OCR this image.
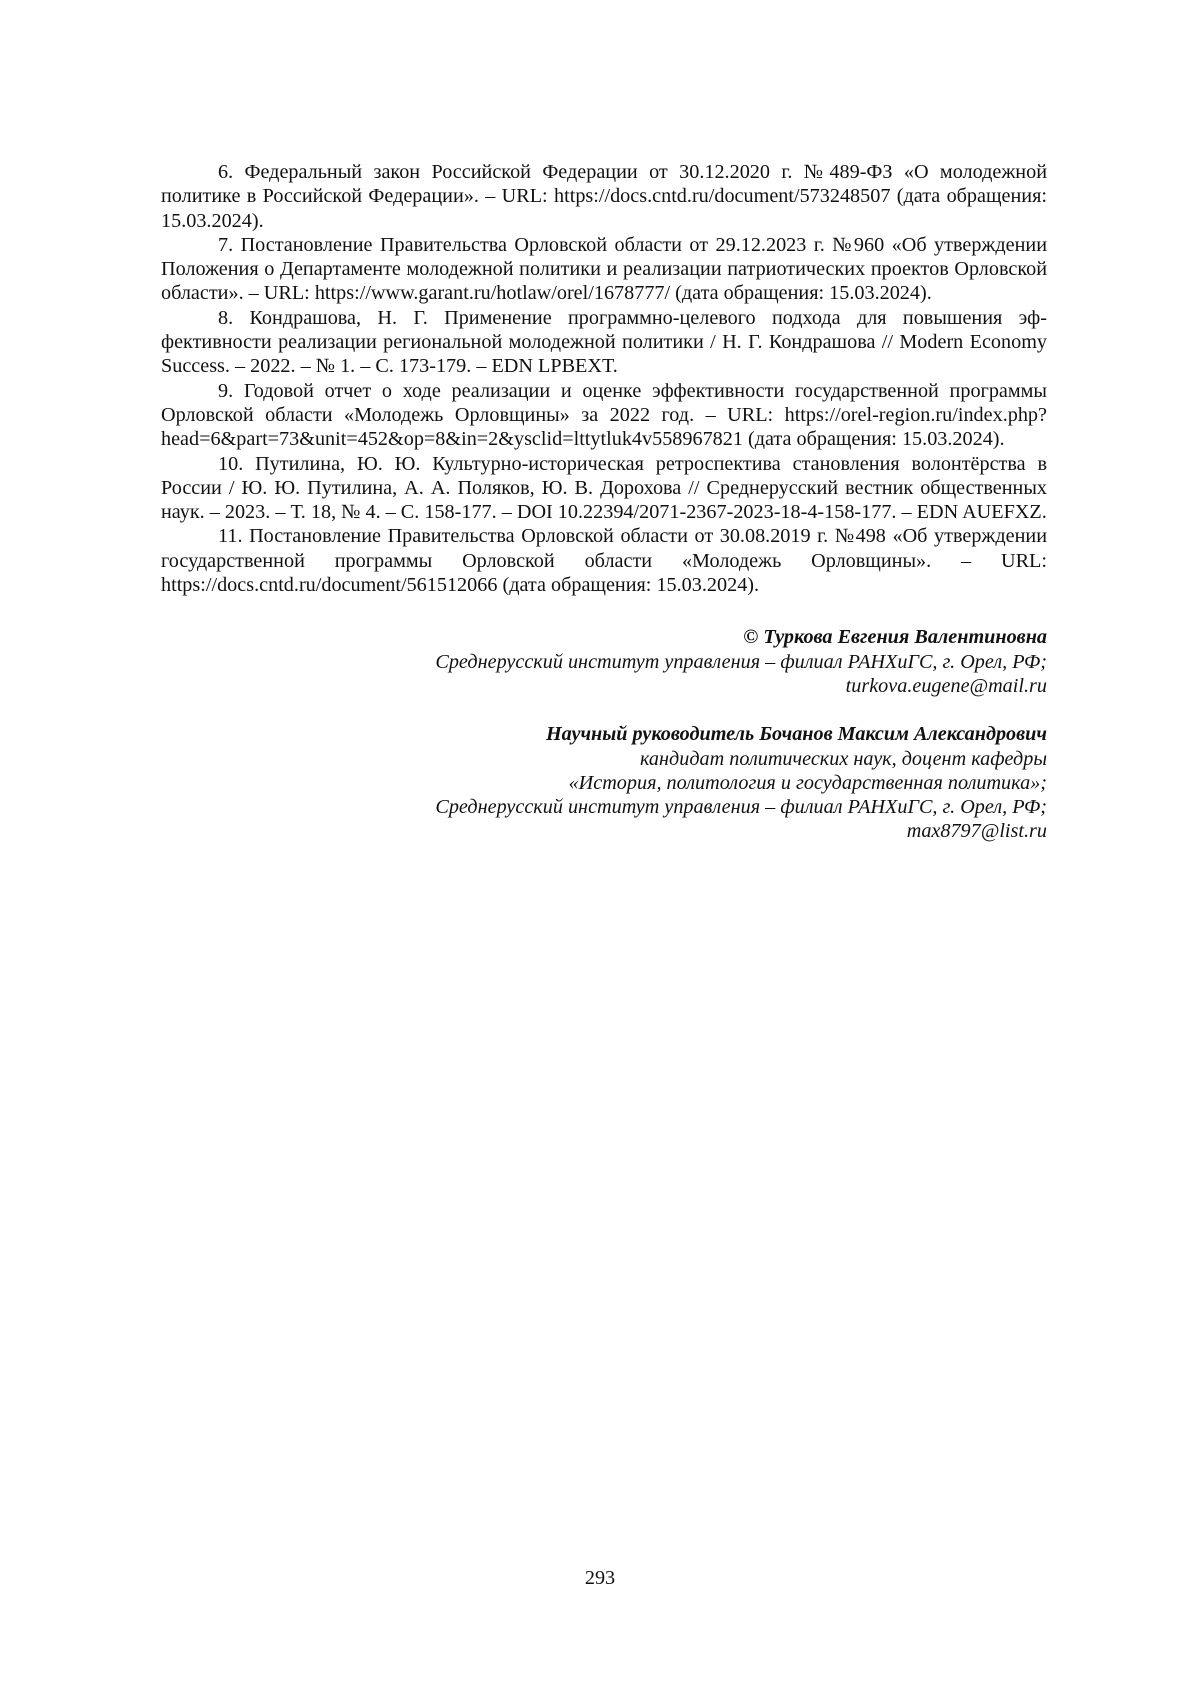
6. Федеральный закон Российской Федерации от 30.12.2020 г. №489-ФЗ «О молодежной политике в Российской Федерации». – URL: https://docs.cntd.ru/document/573248507 (дата обращения: 15.03.2024).

7. Постановление Правительства Орловской области от 29.12.2023 г. №960 «Об утверждении Положения о Департаменте молодежной политики и реализации патриотических проектов Орловской области». – URL: https://www.garant.ru/hotlaw/orel/1678777/ (дата обращения: 15.03.2024).

8. Кондрашова, Н. Г. Применение программно-целевого подхода для повышения эффективности реализации региональной молодежной политики / Н. Г. Кондрашова // Modern Economy Success. – 2022. – № 1. – С. 173-179. – EDN LPBEXT.

9. Годовой отчет о ходе реализации и оценке эффективности государственной программы Орловской области «Молодежь Орловщины» за 2022 год. – URL: https://orel-region.ru/index.php?head=6&part=73&unit=452&op=8&in=2&ysclid=lttytluk4v558967821 (дата обращения: 15.03.2024).

10. Путилина, Ю. Ю. Культурно-историческая ретроспектива становления волонтёрства в России / Ю. Ю. Путилина, А. А. Поляков, Ю. В. Дорохова // Среднерусский вестник общественных наук. – 2023. – Т. 18, № 4. – С. 158-177. – DOI 10.22394/2071-2367-2023-18-4-158-177. – EDN AUEFXZ.

11. Постановление Правительства Орловской области от 30.08.2019 г. №498 «Об утверждении государственной программы Орловской области «Молодежь Орловщины». – URL: https://docs.cntd.ru/document/561512066 (дата обращения: 15.03.2024).

© Туркова Евгения Валентиновна
Среднерусский институт управления – филиал РАНХиГС, г. Орел, РФ;
turkova.eugene@mail.ru
Научный руководитель Бочанов Максим Александрович
кандидат политических наук, доцент кафедры
«История, политология и государственная политика»;
Среднерусский институт управления – филиал РАНХиГС, г. Орел, РФ;
max8797@list.ru
293
